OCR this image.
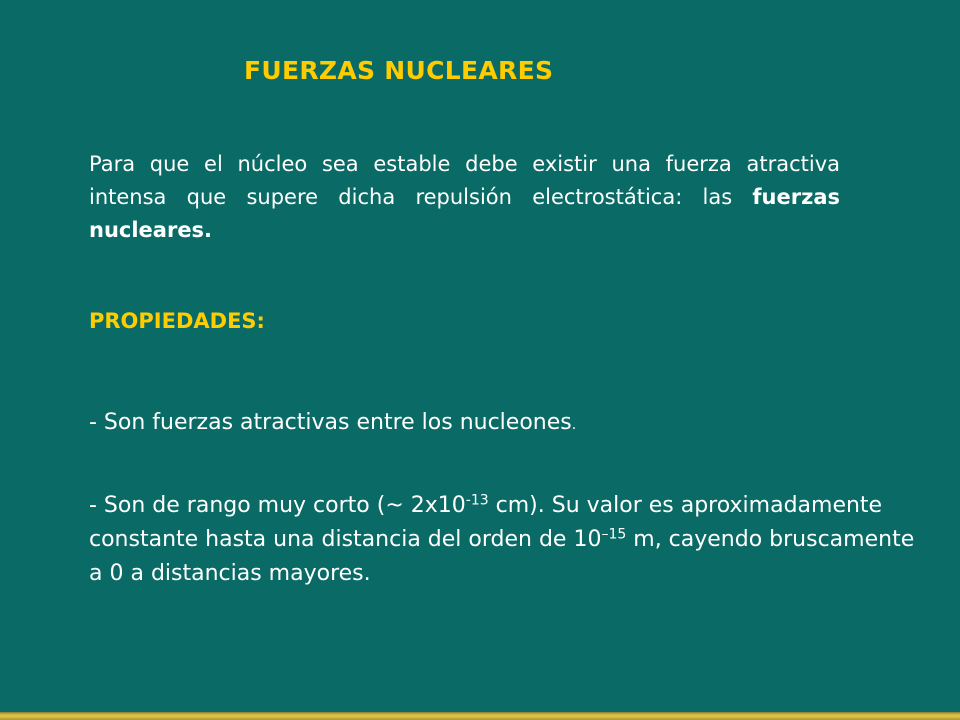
FUERZAS NUCLEARES
Para que el núcleo sea estable debe existir una fuerza atractiva intensa que supere dicha repulsión electrostática: las fuerzas nucleares.
PROPIEDADES:
- Son fuerzas atractivas entre los nucleones.
- Son de rango muy corto (~ $2x10^{-13}$ cm). Su valor es aproximadamente constante hasta una distancia del orden de $10^{-15}$ m, cayendo bruscamente a 0 a distancias mayores.
